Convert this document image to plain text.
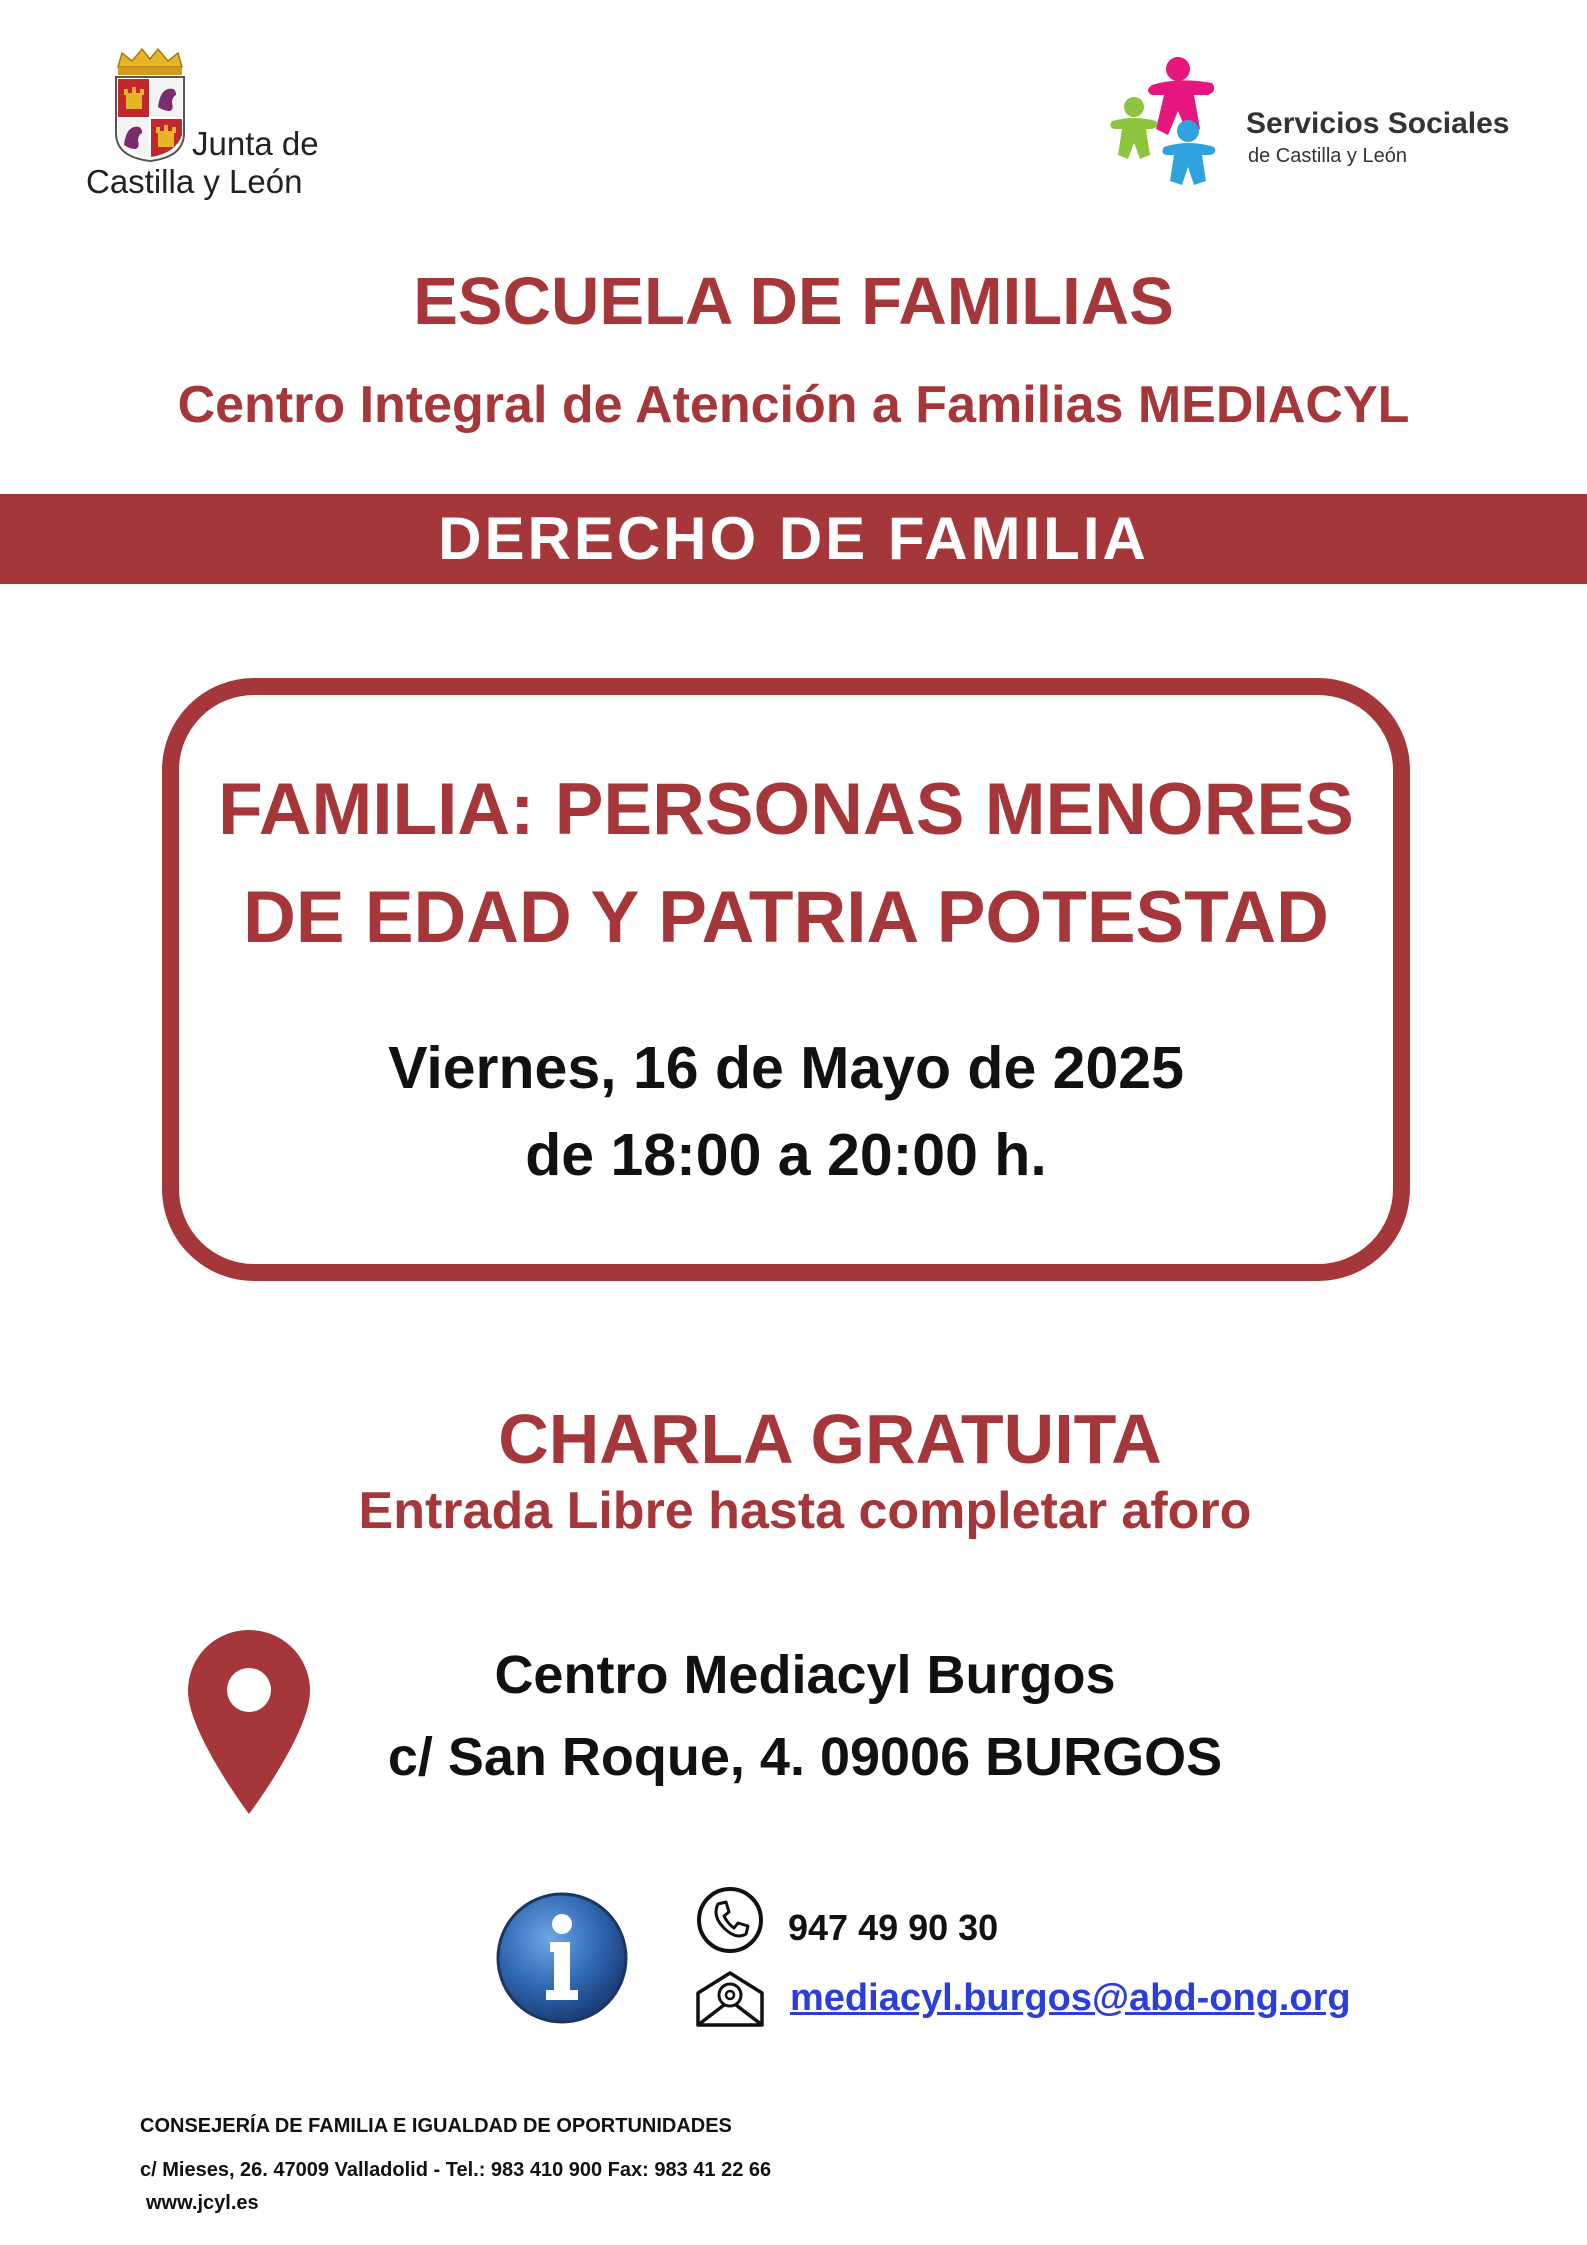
Junta de
Castilla y León
Servicios Sociales
de Castilla y León
ESCUELA DE FAMILIAS
Centro Integral de Atención a Familias MEDIACYL
DERECHO DE FAMILIA
FAMILIA: PERSONAS MENORES
DE EDAD Y PATRIA POTESTAD
Viernes, 16 de Mayo de 2025
de 18:00 a 20:00 h.
CHARLA GRATUITA
Entrada Libre hasta completar aforo
Centro Mediacyl Burgos
c/ San Roque, 4. 09006 BURGOS
947 49 90 30
mediacyl.burgos@abd-ong.org
CONSEJERÍA DE FAMILIA E IGUALDAD DE OPORTUNIDADES
c/ Mieses, 26. 47009 Valladolid - Tel.: 983 410 900 Fax: 983 41 22 66
www.jcyl.es
